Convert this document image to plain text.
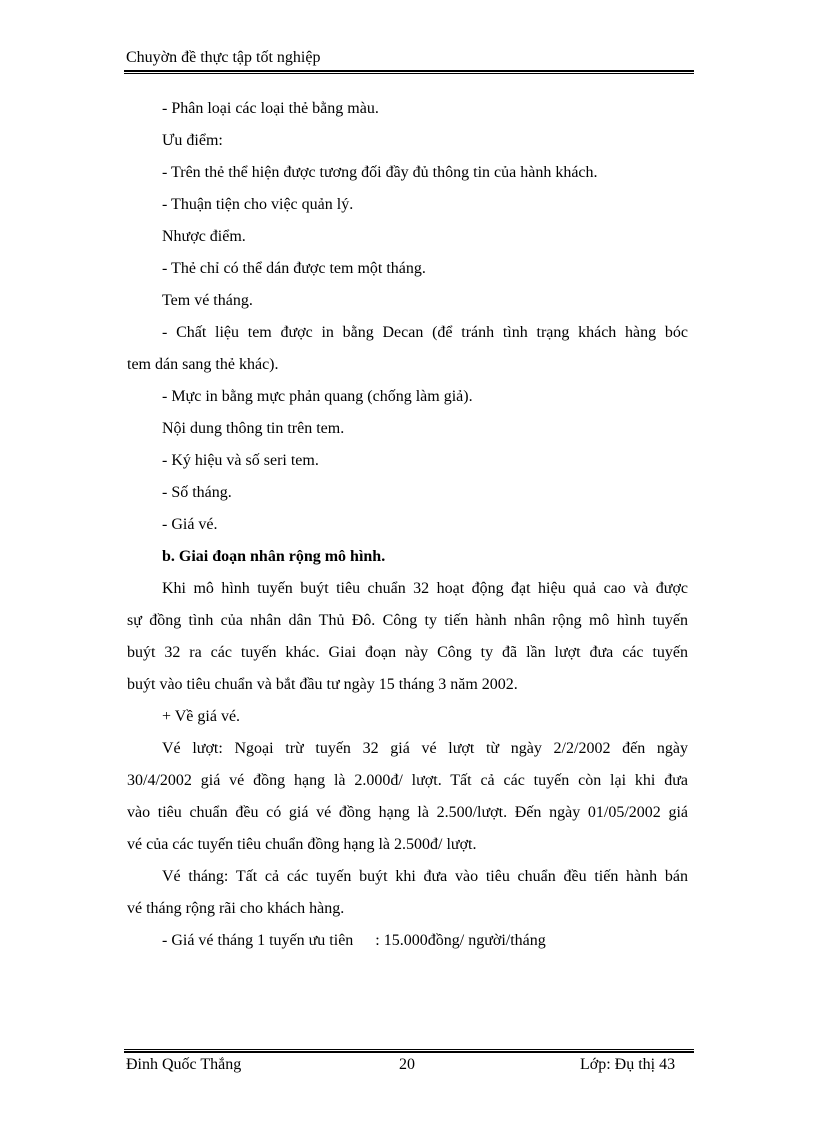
Chuyờn đề thực tập tốt nghiệp
- Phân loại các loại thẻ bằng màu.
Ưu điểm:
- Trên thẻ thể hiện được tương đối đầy đủ thông tin của hành khách.
- Thuận tiện cho việc quản lý.
Nhược điểm.
- Thẻ chỉ có thể dán được tem một tháng.
Tem vé tháng.
- Chất liệu tem được in bằng Decan (để tránh tình trạng khách hàng bóc
tem dán sang thẻ khác).
- Mực in bằng mực phản quang (chống làm giả).
Nội dung thông tin trên tem.
- Ký hiệu và số seri tem.
- Số tháng.
- Giá vé.
b. Giai đoạn nhân rộng mô hình.
Khi mô hình tuyến buýt tiêu chuẩn 32 hoạt động đạt hiệu quả cao và được
sự đồng tình của nhân dân Thủ Đô. Công ty tiến hành nhân rộng mô hình tuyến
buýt 32 ra các tuyến khác. Giai đoạn này Công ty đã lần lượt đưa các tuyến
buýt vào tiêu chuẩn và bắt đầu tư ngày 15 tháng 3 năm 2002.
+ Về giá vé.
Vé lượt: Ngoại trừ tuyến 32 giá vé lượt từ ngày 2/2/2002 đến ngày
30/4/2002 giá vé đồng hạng là 2.000đ/ lượt. Tất cả các tuyến còn lại khi đưa
vào tiêu chuẩn đều có giá vé đồng hạng là 2.500/lượt. Đến ngày 01/05/2002 giá
vé của các tuyến tiêu chuẩn đồng hạng là 2.500đ/ lượt.
Vé tháng: Tất cả các tuyến buýt khi đưa vào tiêu chuẩn đều tiến hành bán
vé tháng rộng rãi cho khách hàng.
- Giá vé tháng 1 tuyến ưu tiên : 15.000đồng/ người/tháng
Đinh Quốc Thắng	20	Lớp: Đụ thị 43
